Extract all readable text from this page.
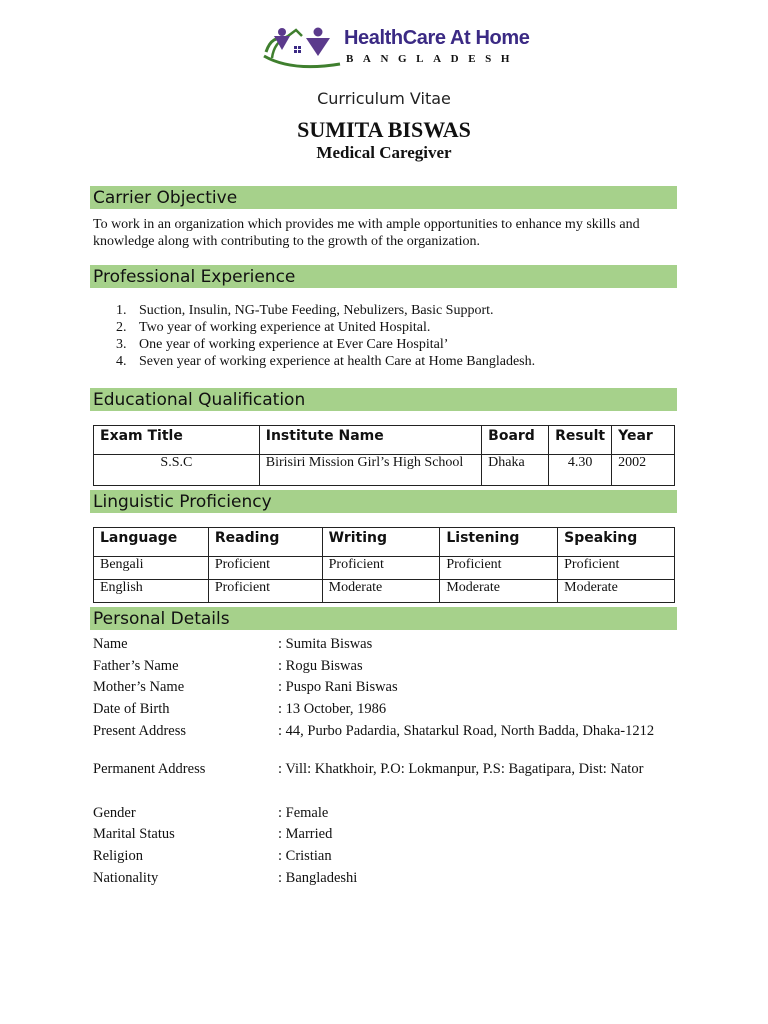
HealthCare At Home
BANGLADESH
Curriculum Vitae
SUMITA BISWAS
Medical Caregiver
Carrier Objective
To work in an organization which provides me with ample opportunities to enhance my skills and knowledge along with contributing to the growth of the organization.
Professional Experience
1. Suction, Insulin, NG-Tube Feeding, Nebulizers, Basic Support.
2. Two year of working experience at United Hospital.
3. One year of working experience at Ever Care Hospital’
4. Seven year of working experience at health Care at Home Bangladesh.
Educational Qualification
Exam Title	Institute Name	Board	Result	Year
S.S.C	Birisiri Mission Girl’s High School	Dhaka	4.30	2002
Linguistic Proficiency
Language	Reading	Writing	Listening	Speaking
Bengali	Proficient	Proficient	Proficient	Proficient
English	Proficient	Moderate	Moderate	Moderate
Personal Details
Name	: Sumita Biswas
Father’s Name	: Rogu Biswas
Mother’s Name	: Puspo Rani Biswas
Date of Birth	: 13 October, 1986
Present Address	: 44, Purbo Padardia, Shatarkul Road, North Badda, Dhaka-1212
Permanent Address	: Vill: Khatkhoir, P.O: Lokmanpur, P.S: Bagatipara, Dist: Nator
Gender	: Female
Marital Status	: Married
Religion	: Cristian
Nationality	: Bangladeshi
